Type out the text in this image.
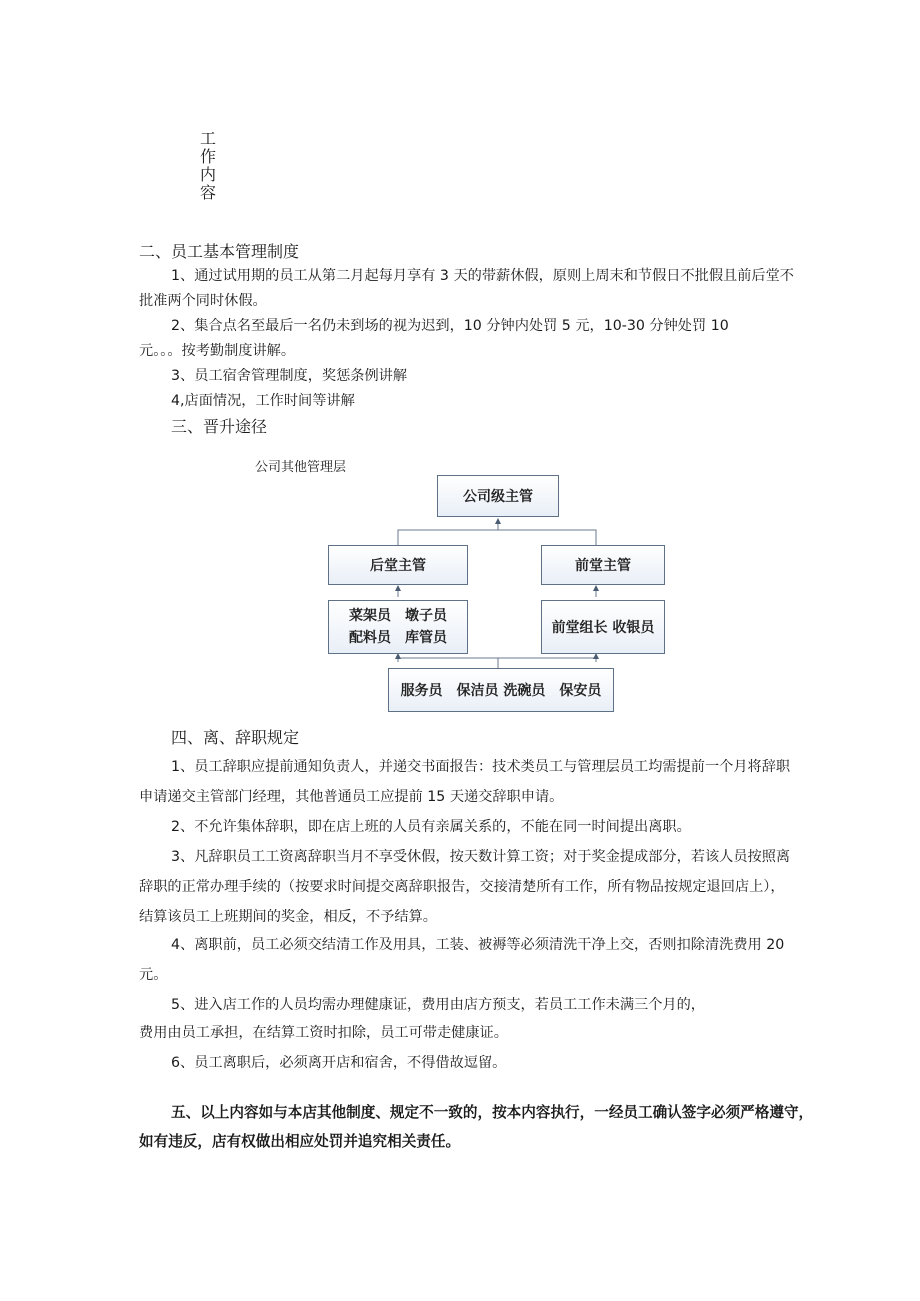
工
作
内
容
二、员工基本管理制度
1、通过试用期的员工从第二月起每月享有 3 天的带薪休假，原则上周末和节假日不批假且前后堂不
批准两个同时休假。
2、集合点名至最后一名仍未到场的视为迟到，10 分钟内处罚 5 元，10-30 分钟处罚 10
元。。。按考勤制度讲解。
3、员工宿舍管理制度，奖惩条例讲解
4,店面情况，工作时间等讲解
三、晋升途径
公司其他管理层
公司级主管
后堂主管	前堂主管
菜架员　墩子员
配料员　库管员
前堂组长 收银员
服务员　保洁员 洗碗员　保安员
四、离、辞职规定
1、员工辞职应提前通知负责人，并递交书面报告：技术类员工与管理层员工均需提前一个月将辞职
申请递交主管部门经理，其他普通员工应提前 15 天递交辞职申请。
2、不允许集体辞职，即在店上班的人员有亲属关系的，不能在同一时间提出离职。
3、凡辞职员工工资离辞职当月不享受休假，按天数计算工资；对于奖金提成部分，若该人员按照离
辞职的正常办理手续的（按要求时间提交离辞职报告，交接清楚所有工作，所有物品按规定退回店上），
结算该员工上班期间的奖金，相反，不予结算。
4、离职前，员工必须交结清工作及用具，工装、被褥等必须清洗干净上交，否则扣除清洗费用 20
元。
5、进入店工作的人员均需办理健康证，费用由店方预支，若员工工作未满三个月的，
费用由员工承担，在结算工资时扣除，员工可带走健康证。
6、员工离职后，必须离开店和宿舍，不得借故逗留。
五、以上内容如与本店其他制度、规定不一致的，按本内容执行，一经员工确认签字必须严格遵守，
如有违反，店有权做出相应处罚并追究相关责任。
